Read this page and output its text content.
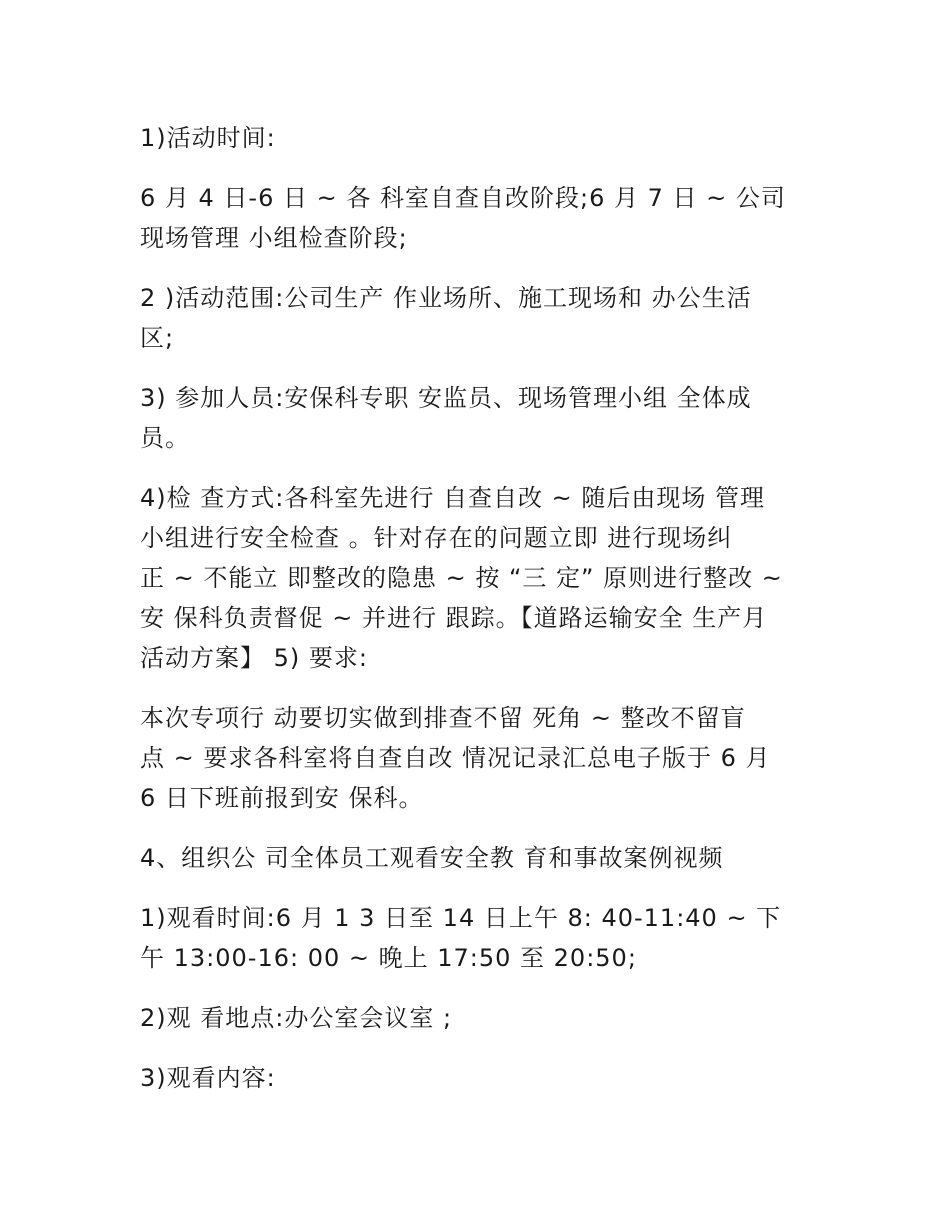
1)活动时间:
6 月 4 日-6 日 ~ 各 科室自查自改阶段;6 月 7 日 ~ 公司
现场管理 小组检查阶段;
2 )活动范围:公司生产 作业场所、施工现场和 办公生活
区;
3) 参加人员:安保科专职 安监员、现场管理小组 全体成
员。
4)检 查方式:各科室先进行 自查自改 ~ 随后由现场 管理
小组进行安全检查 。针对存在的问题立即 进行现场纠
正 ~ 不能立 即整改的隐患 ~ 按 “三 定” 原则进行整改 ~
安 保科负责督促 ~ 并进行 跟踪。【道路运输安全 生产月
活动方案】 5) 要求:
本次专项行 动要切实做到排查不留 死角 ~ 整改不留盲
点 ~ 要求各科室将自查自改 情况记录汇总电子版于 6 月
6 日下班前报到安 保科。
4、组织公 司全体员工观看安全教 育和事故案例视频
1)观看时间:6 月 1 3 日至 14 日上午 8: 40-11:40 ~ 下
午 13:00-16: 00 ~ 晚上 17:50 至 20:50;
2)观 看地点:办公室会议室 ;
3)观看内容:
